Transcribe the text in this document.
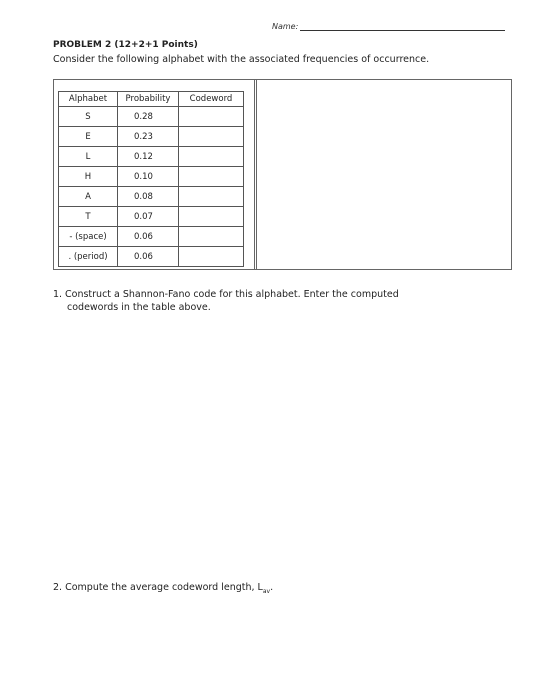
Name:
PROBLEM 2 (12+2+1 Points)
Consider the following alphabet with the associated frequencies of occurrence.
Alphabet	Probability	Codeword
S	0.28	
E	0.23	
L	0.12	
H	0.10	
A	0.08	
T	0.07	
- (space)	0.06	
. (period)	0.06	
1. Construct a Shannon-Fano code for this alphabet. Enter the computed
codewords in the table above.
2. Compute the average codeword length, $L_{av}$.
